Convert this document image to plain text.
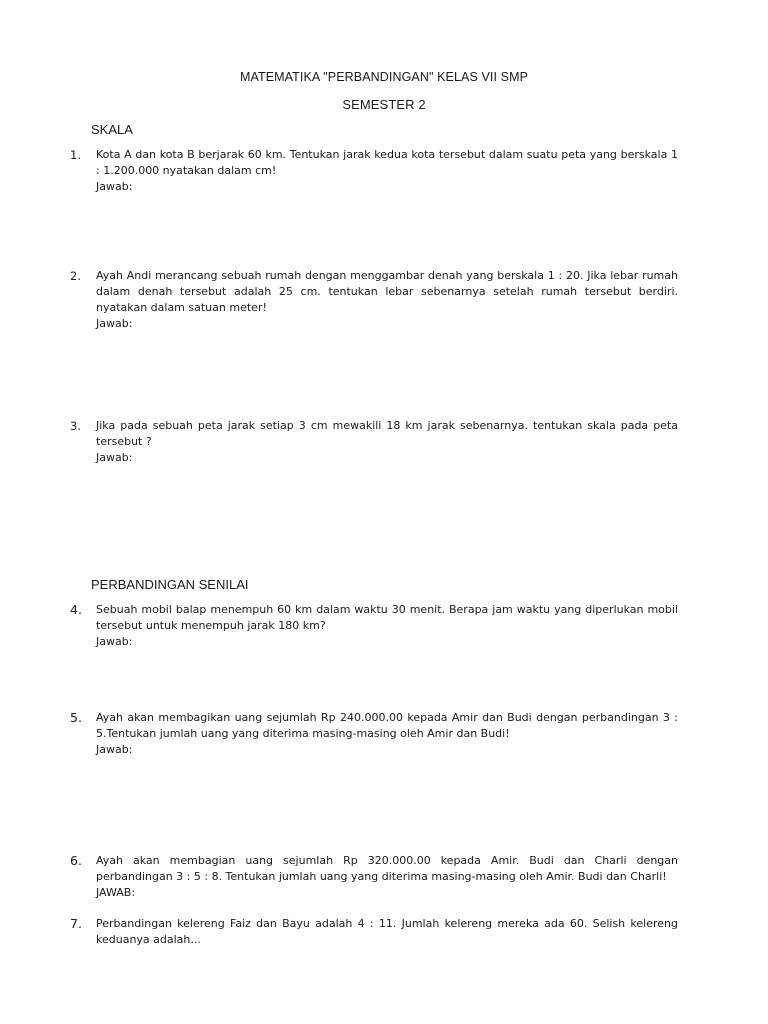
MATEMATIKA "PERBANDINGAN" KELAS VII SMP
SEMESTER 2
SKALA
1.	Kota A dan kota B berjarak 60 km. Tentukan jarak kedua kota tersebut dalam suatu peta yang berskala 1 : 1.200.000 nyatakan dalam cm!
Jawab:
2.	Ayah Andi merancang sebuah rumah dengan menggambar denah yang berskala 1 : 20. Jika lebar rumah dalam denah tersebut adalah 25 cm. tentukan lebar sebenarnya setelah rumah tersebut berdiri. nyatakan dalam satuan meter!
Jawab:
3.	Jika pada sebuah peta jarak setiap 3 cm mewakili 18 km jarak sebenarnya. tentukan skala pada peta tersebut ?
Jawab:
PERBANDINGAN SENILAI
4.	Sebuah mobil balap menempuh 60 km dalam waktu 30 menit. Berapa jam waktu yang diperlukan mobil tersebut untuk menempuh jarak 180 km?
Jawab:
5.	Ayah akan membagikan uang sejumlah Rp 240.000.00 kepada Amir dan Budi dengan perbandingan 3 : 5.Tentukan jumlah uang yang diterima masing-masing oleh Amir dan Budi!
Jawab:
6.	Ayah akan membagian uang sejumlah Rp 320.000.00 kepada Amir. Budi dan Charli dengan perbandingan 3 : 5 : 8. Tentukan jumlah uang yang diterima masing-masing oleh Amir. Budi dan Charli!
JAWAB:
7.	Perbandingan kelereng Faiz dan Bayu adalah 4 : 11. Jumlah kelereng mereka ada 60. Selish kelereng keduanya adalah...
